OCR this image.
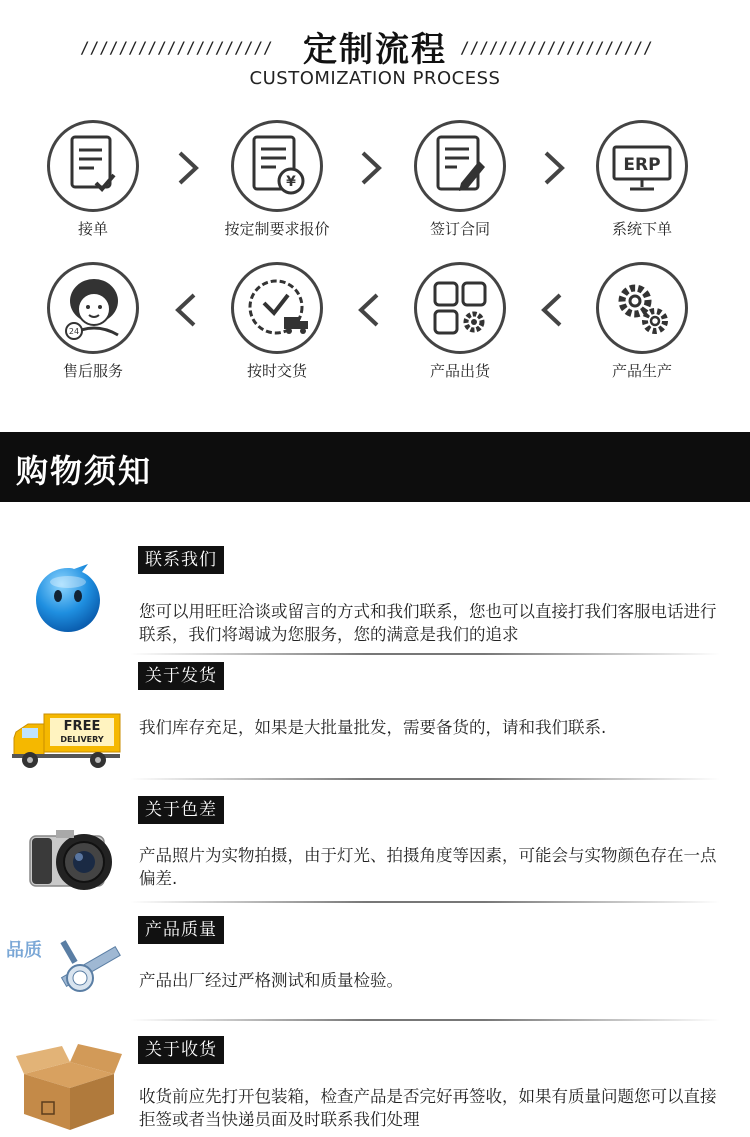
//////////////////// 定制流程 ////////////////////
CUSTOMIZATION PROCESS
接单
¥
按定制要求报价	签订合同
ERP
系统下单
24
售后服务	按时交货	产品出货	产品生产
购物须知
联系我们
您可以用旺旺洽谈或留言的方式和我们联系，您也可以直接打我们客服电话进行联系，我们将竭诚为您服务，您的满意是我们的追求
FREE
DELIVERY
关于发货
我们库存充足，如果是大批量批发，需要备货的，请和我们联系.
关于色差
产品照片为实物拍摄，由于灯光、拍摄角度等因素，可能会与实物颜色存在一点偏差.
品质
产品质量
产品出厂经过严格测试和质量检验。
关于收货
收货前应先打开包装箱，检查产品是否完好再签收，如果有质量问题您可以直接拒签或者当快递员面及时联系我们处理
